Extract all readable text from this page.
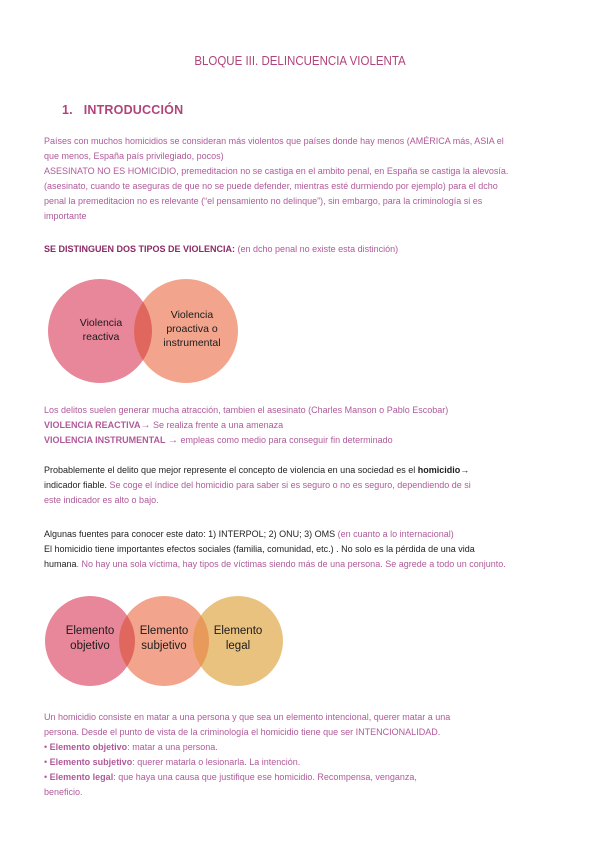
BLOQUE III. DELINCUENCIA VIOLENTA
1. INTRODUCCIÓN
Países con muchos homicidios se consideran más violentos que países donde hay menos (AMÉRICA más, ASIA el
que menos, España país privilegiado, pocos)
ASESINATO NO ES HOMICIDIO, premeditacion no se castiga en el ambito penal, en España se castiga la alevosía.
(asesinato, cuando te aseguras de que no se puede defender, mientras esté durmiendo por ejemplo) para el dcho
penal la premeditacion no es relevante (“el pensamiento no delinque”), sin embargo, para la criminología si es
importante
SE DISTINGUEN DOS TIPOS DE VIOLENCIA: (en dcho penal no existe esta distinción)
Violencia
reactiva
Violencia
proactiva o
instrumental
Los delitos suelen generar mucha atracción, tambien el asesinato (Charles Manson o Pablo Escobar)
VIOLENCIA REACTIVA→ Se realiza frente a una amenaza
VIOLENCIA INSTRUMENTAL → empleas como medio para conseguir fin determinado
Probablemente el delito que mejor represente el concepto de violencia en una sociedad es el homicidio→
indicador fiable. Se coge el índice del homicidio para saber si es seguro o no es seguro, dependiendo de si
este indicador es alto o bajo.
Algunas fuentes para conocer este dato: 1) INTERPOL; 2) ONU; 3) OMS (en cuanto a lo internacional)
El homicidio tiene importantes efectos sociales (familia, comunidad, etc.) . No solo es la pérdida de una vida
humana. No hay una sola víctima, hay tipos de víctimas siendo más de una persona. Se agrede a todo un conjunto.
Elemento
objetivo
Elemento
subjetivo
Elemento
legal
Un homicidio consiste en matar a una persona y que sea un elemento intencional, querer matar a una
persona. Desde el punto de vista de la criminología el homicidio tiene que ser INTENCIONALIDAD.
• Elemento objetivo: matar a una persona.
• Elemento subjetivo: querer matarla o lesionarla. La intención.
• Elemento legal: que haya una causa que justifique ese homicidio. Recompensa, venganza,
beneficio.
